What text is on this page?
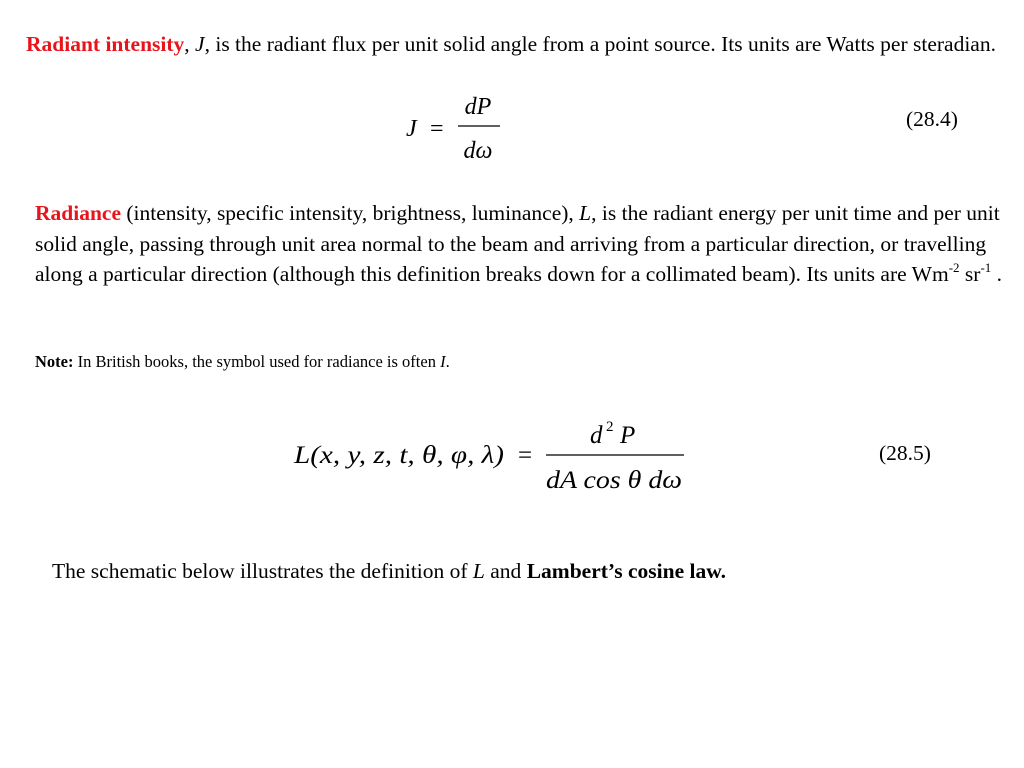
Radiant intensity, J, is the radiant flux per unit solid angle from a point source. Its units are Watts per steradian.

J =
dP
dω
(28.4)

Radiance (intensity, specific intensity, brightness, luminance), L, is the radiant energy per unit time and per unit solid angle, passing through unit area normal to the beam and arriving from a particular direction, or travelling along a particular direction (although this definition breaks down for a collimated beam). Its units are $Wm^{-2}$ $sr^{-1}$ .

Note: In British books, the symbol used for radiance is often I.

L(x, y, z, t, θ, φ, λ) =
d 2 P
dA cos θ dω
(28.5)

The schematic below illustrates the definition of L and Lambert’s cosine law.
